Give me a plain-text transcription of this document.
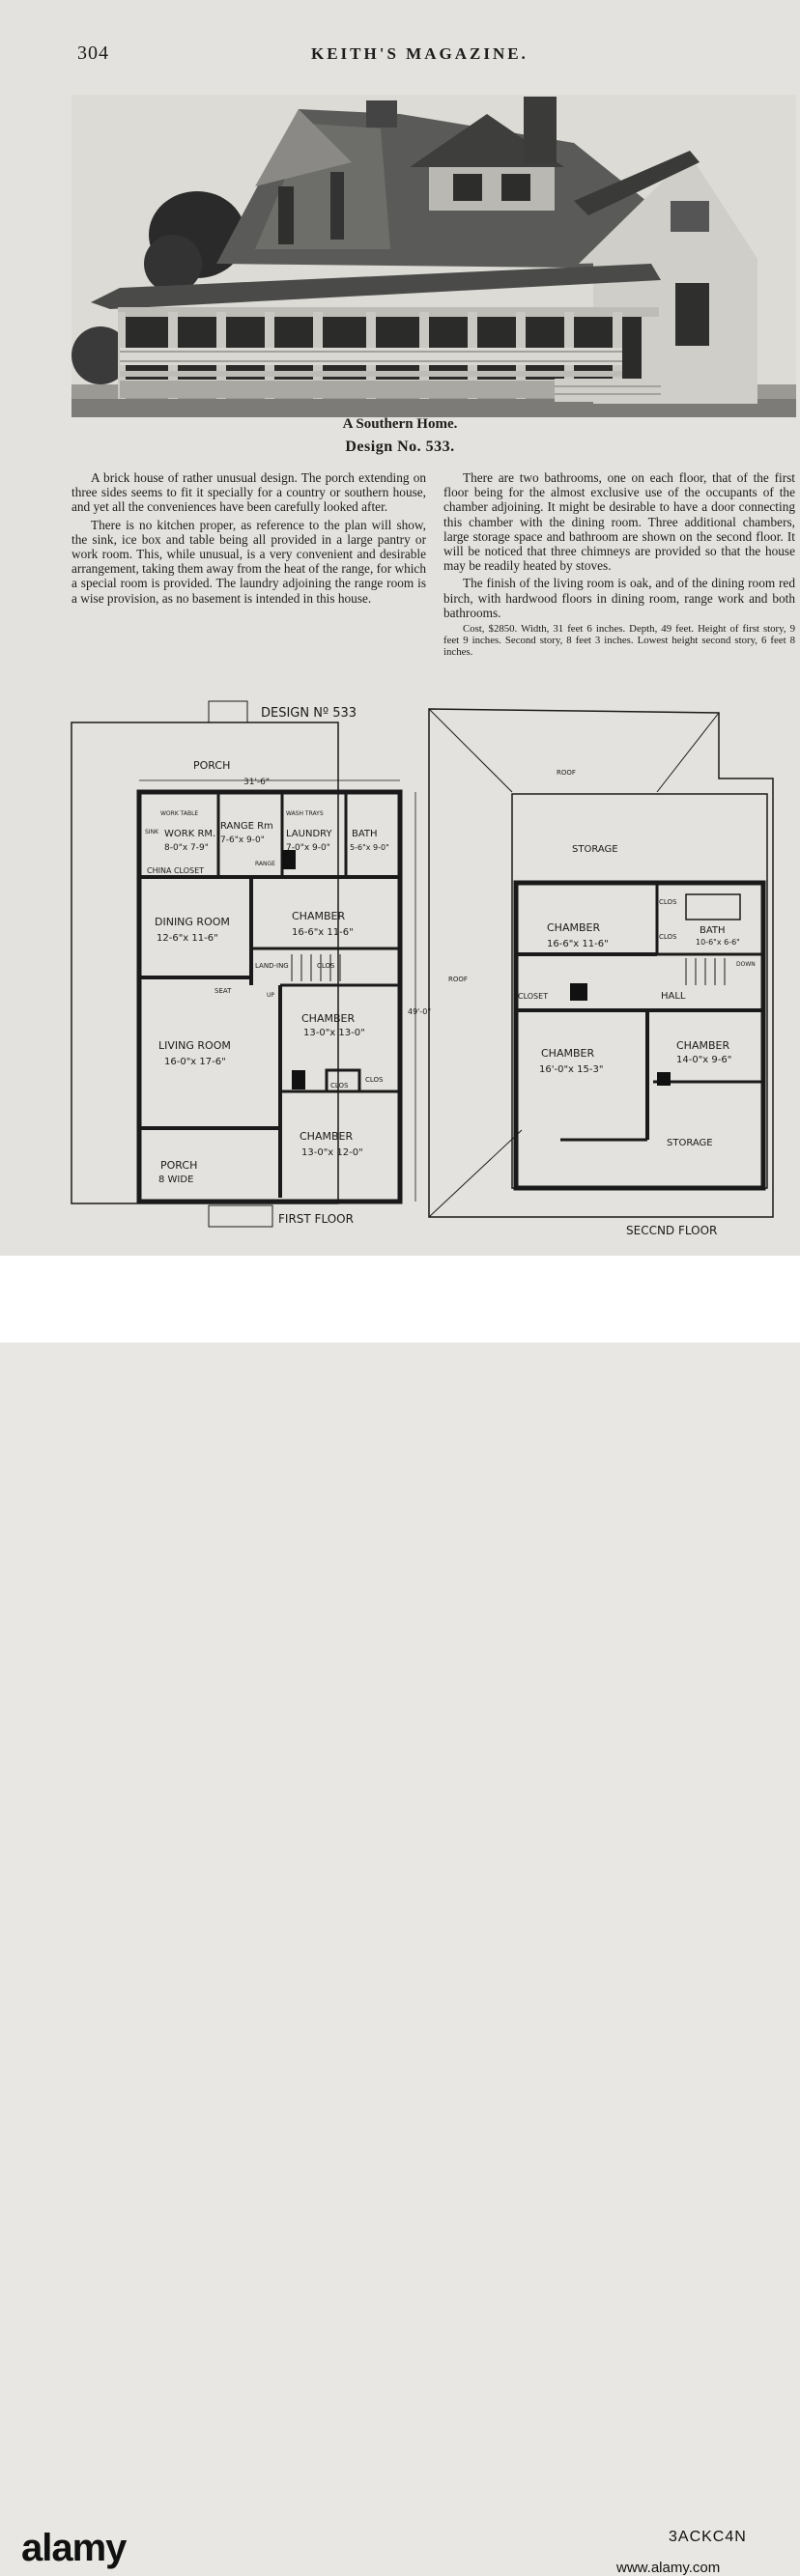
304	KEITH'S MAGAZINE.
A Southern Home.
Design No. 533.

A brick house of rather unusual design. The porch extending on three sides seems to fit it specially for a country or southern house, and yet all the conveniences have been carefully looked after.

There is no kitchen proper, as reference to the plan will show, the sink, ice box and table being all provided in a large pantry or work room. This, while unusual, is a very convenient and desirable arrangement, taking them away from the heat of the range, for which a special room is provided. The laundry adjoining the range room is a wise provision, as no basement is intended in this house.

There are two bathrooms, one on each floor, that of the first floor being for the almost exclusive use of the occupants of the chamber adjoining. It might be desirable to have a door connecting this chamber with the dining room. Three additional chambers, large storage space and bathroom are shown on the second floor. It will be noticed that three chimneys are provided so that the house may be readily heated by stoves.

The finish of the living room is oak, and of the dining room red birch, with hardwood floors in dining room, range work and both bathrooms.

Cost, $2850. Width, 31 feet 6 inches. Depth, 49 feet. Height of first story, 9 feet 9 inches. Second story, 8 feet 3 inches. Lowest height second story, 6 feet 8 inches.

DESIGN Nº 533
PORCH
31'-6"
49'-0"
WORK TABLE
SINK WORK RM.
8-0"x 7-9"
RANGE Rm
7-6"x 9-0"
RANGE
WASH TRAYS
LAUNDRY
7-0"x 9-0"
BATH
5-6"x 9-0"
CHINA CLOSET
DINING ROOM
12-6"x 11-6"
CHAMBER
16-6"x 11-6"
LAND-ING	CLOS
SEAT
UP
LIVING ROOM
16-0"x 17-6"
CHAMBER
13-0"x 13-0"
CLOS
CLOS
CHAMBER
13-0"x 12-0"
PORCH
8 WIDE
FIRST FLOOR
ROOF
ROOF
STORAGE
CHAMBER
16-6"x 11-6"
CLOS
CLOS
BATH
10-6"x 6-6"
DOWN
CLOSET	HALL
CHAMBER
16'-0"x 15-3"
CHAMBER
14-0"x 9-6"
STORAGE
SECCND FLOOR
alamy	3ACKC4N
www.alamy.com
